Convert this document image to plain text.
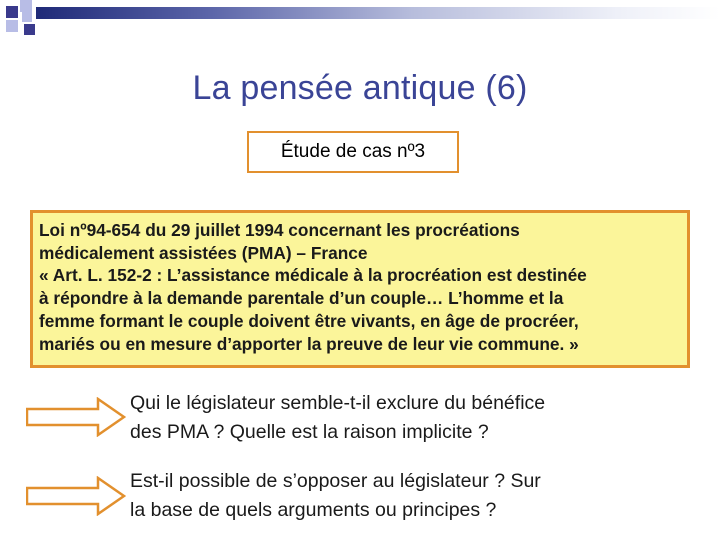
La pensée antique (6)
Étude de cas nº3

Loi nº94-654 du 29 juillet 1994 concernant les procréations

médicalement assistées (PMA) – France

« Art. L. 152-2 : L’assistance médicale à la procréation est destinée

à répondre à la demande parentale d’un couple… L’homme et la

femme formant le couple doivent être vivants, en âge de procréer,

mariés ou en mesure d’apporter la preuve de leur vie commune. »

Qui le législateur semble-t-il exclure du bénéfice

des PMA ? Quelle est la raison implicite ?

Est-il possible de s’opposer au législateur ? Sur

la base de quels arguments ou principes ?
